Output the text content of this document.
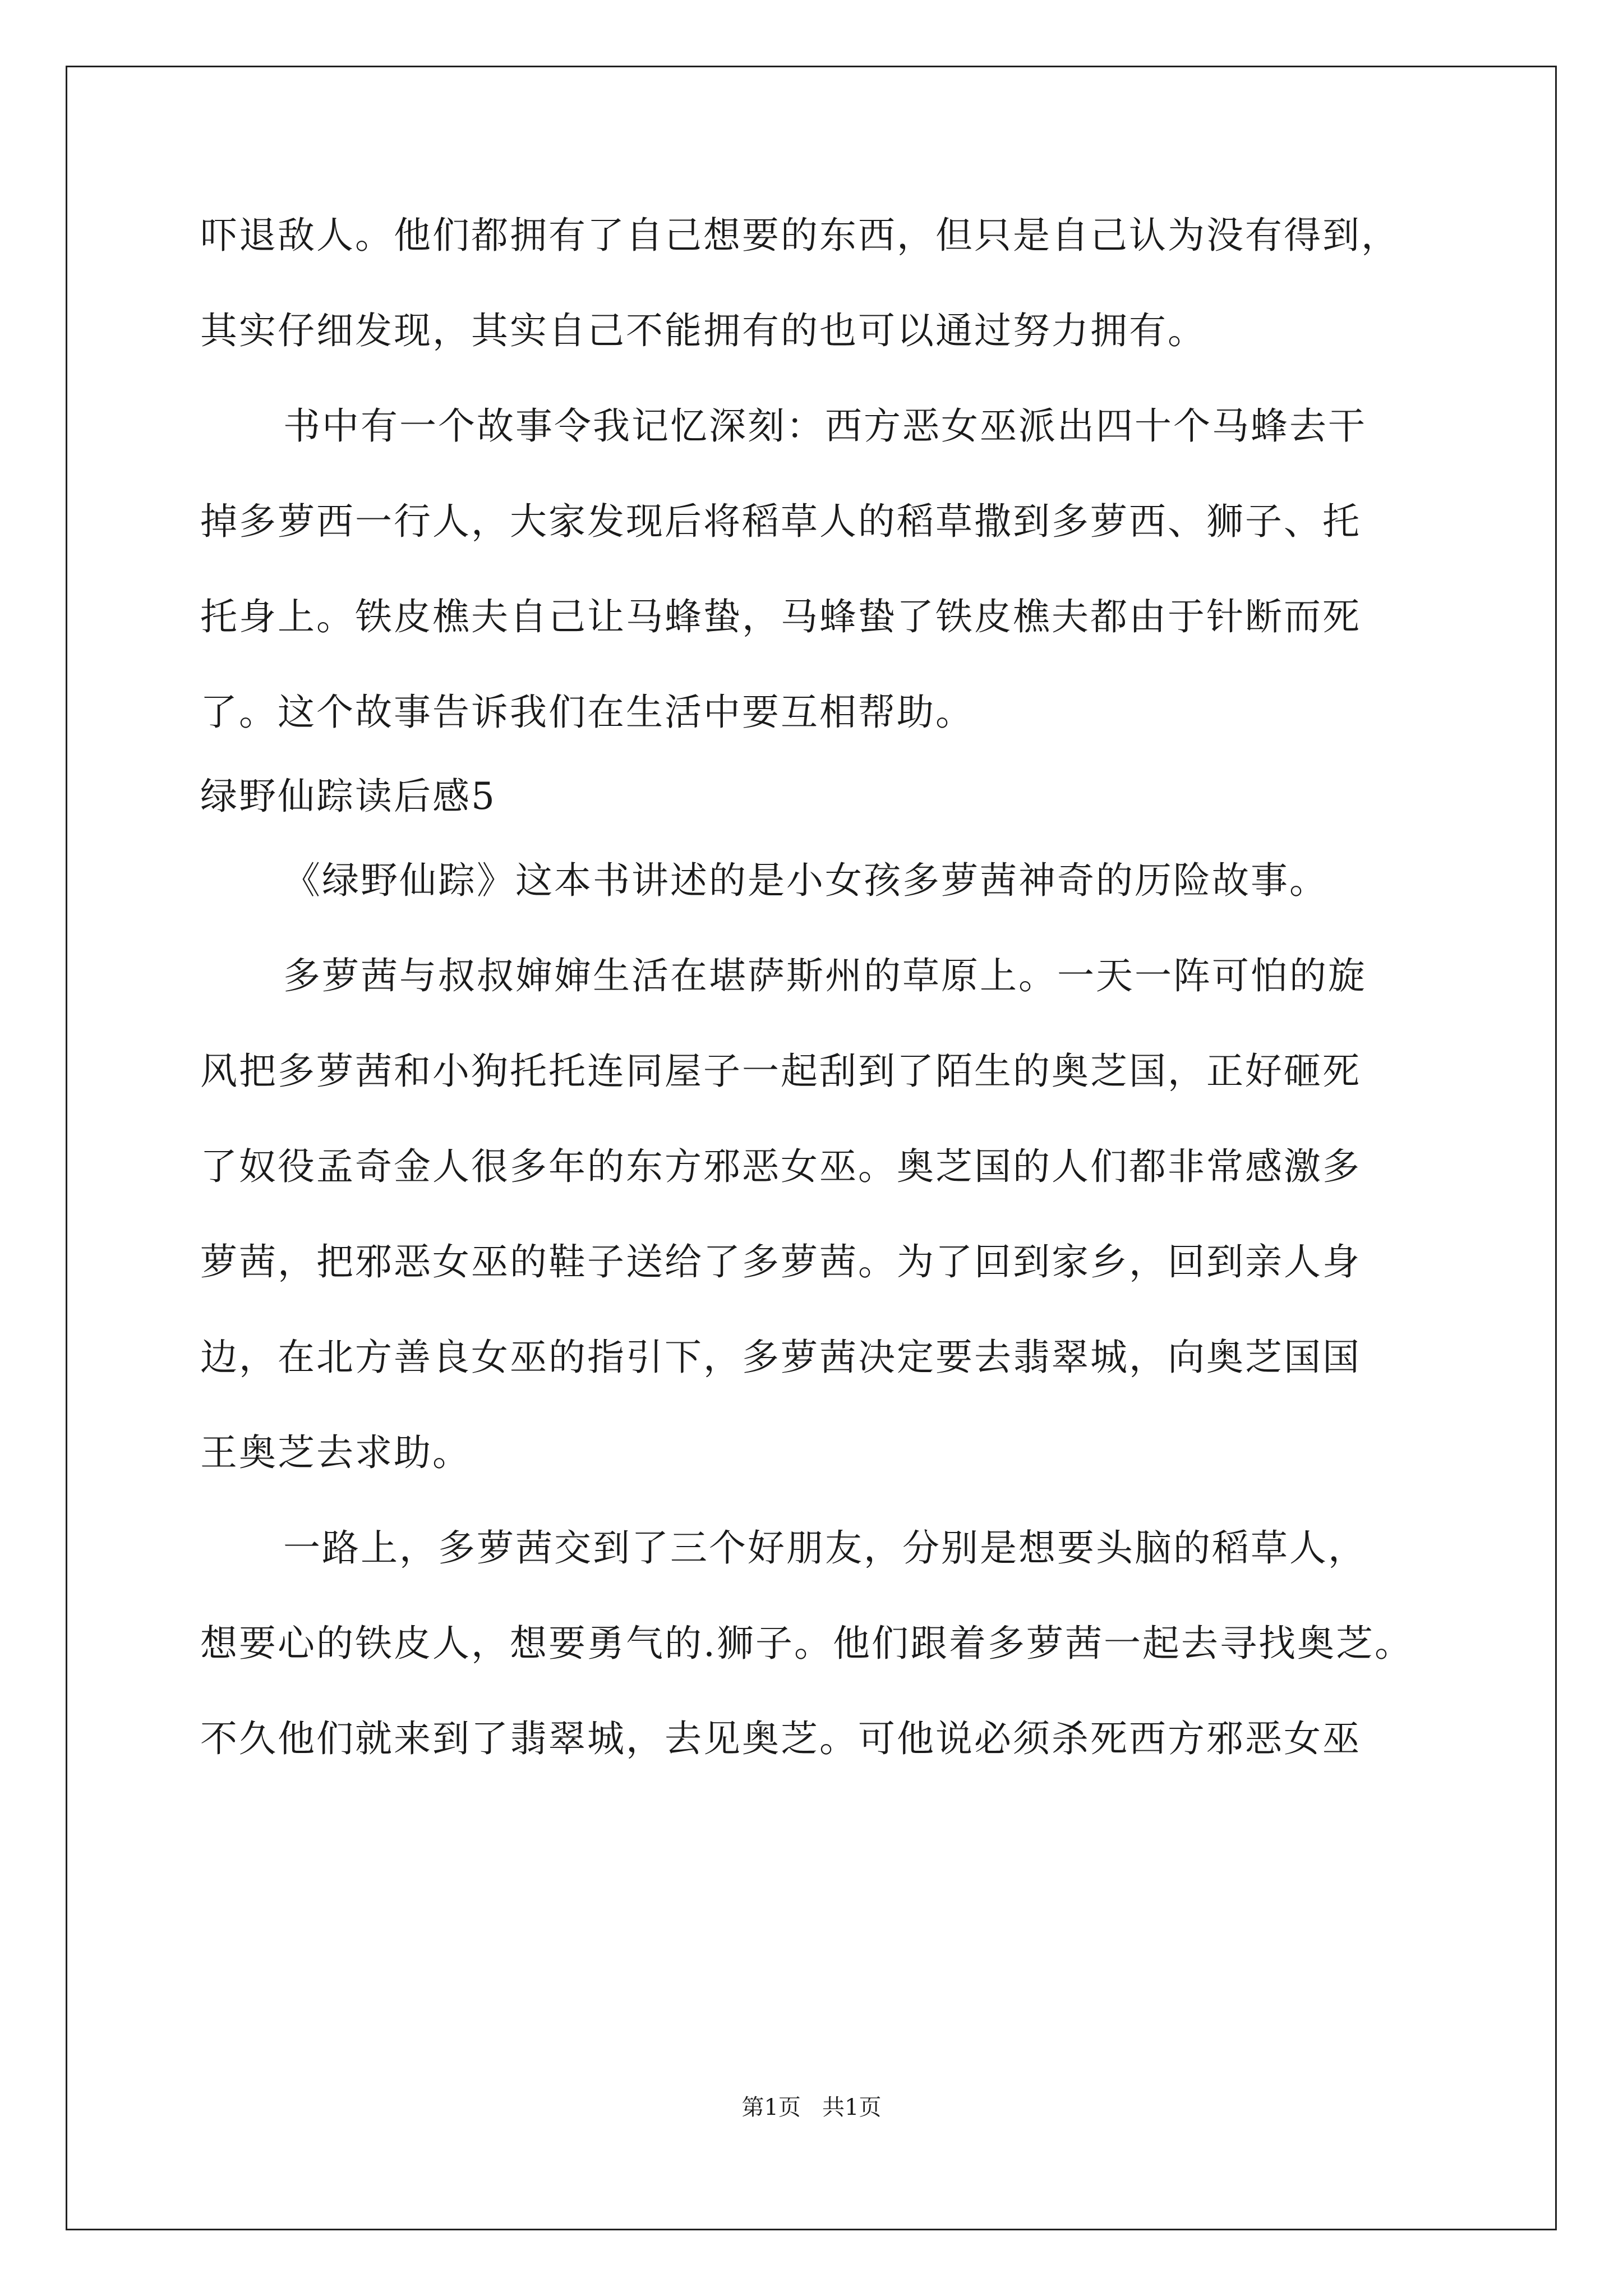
吓退敌人。他们都拥有了自己想要的东西，但只是自己认为没有得到，
其实仔细发现，其实自己不能拥有的也可以通过努力拥有。
书中有一个故事令我记忆深刻：西方恶女巫派出四十个马蜂去干
掉多萝西一行人，大家发现后将稻草人的稻草撒到多萝西、狮子、托
托身上。铁皮樵夫自己让马蜂蛰，马蜂蛰了铁皮樵夫都由于针断而死
了。这个故事告诉我们在生活中要互相帮助。
绿野仙踪读后感5
《绿野仙踪》这本书讲述的是小女孩多萝茜神奇的历险故事。
多萝茜与叔叔婶婶生活在堪萨斯州的草原上。一天一阵可怕的旋
风把多萝茜和小狗托托连同屋子一起刮到了陌生的奥芝国，正好砸死
了奴役孟奇金人很多年的东方邪恶女巫。奥芝国的人们都非常感激多
萝茜，把邪恶女巫的鞋子送给了多萝茜。为了回到家乡，回到亲人身
边，在北方善良女巫的指引下，多萝茜决定要去翡翠城，向奥芝国国
王奥芝去求助。
一路上，多萝茜交到了三个好朋友，分别是想要头脑的稻草人，
想要心的铁皮人，想要勇气的.狮子。他们跟着多萝茜一起去寻找奥芝。
不久他们就来到了翡翠城，去见奥芝。可他说必须杀死西方邪恶女巫
第1页   共1页
